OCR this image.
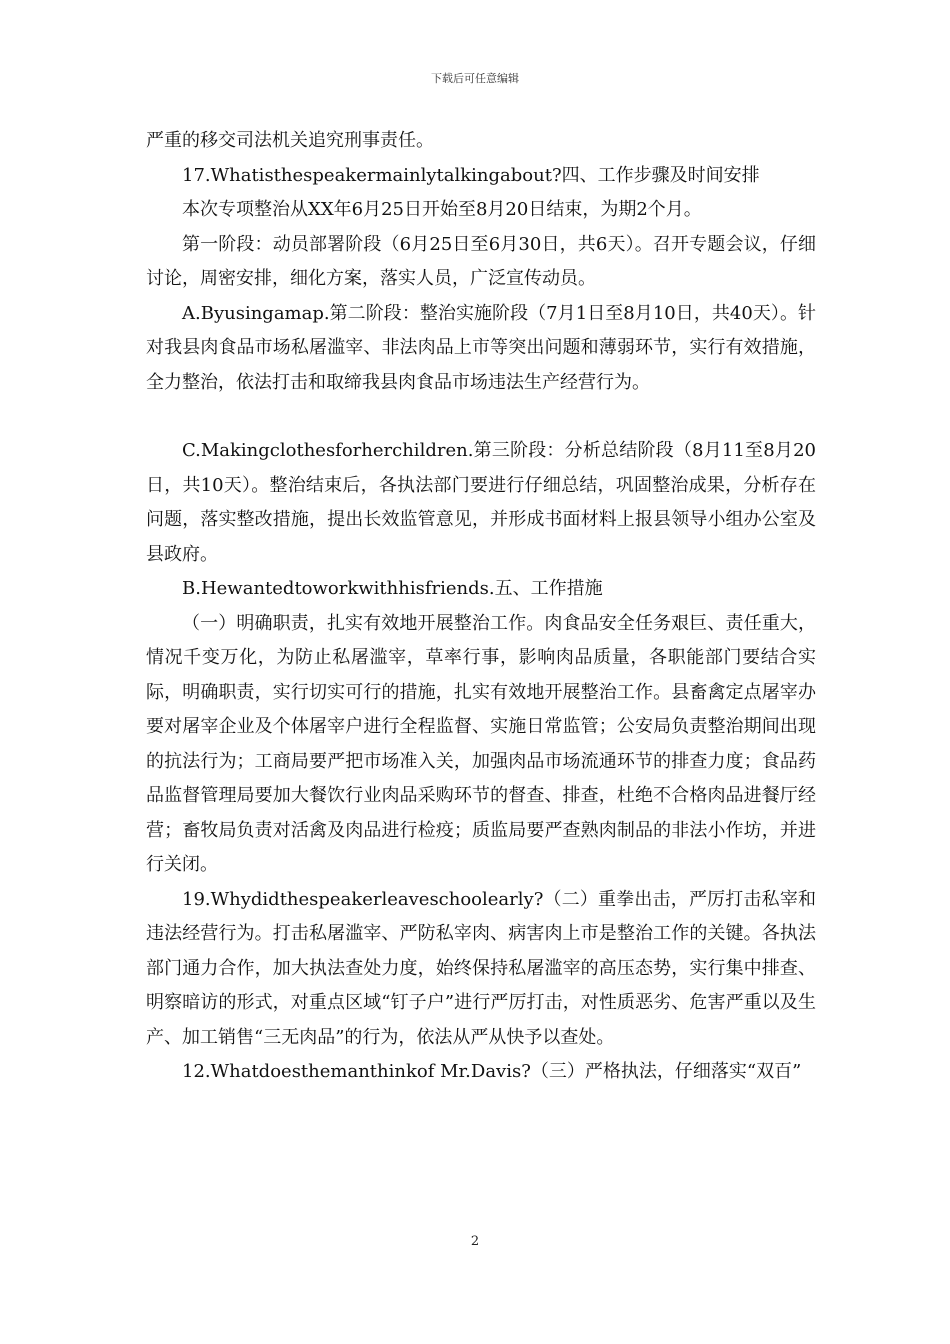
下载后可任意编辑

严重的移交司法机关追究刑事责任。

17.Whatisthespeakermainlytalkingabout?四、工作步骤及时间安排

本次专项整治从XX年6月25日开始至8月20日结束，为期2个月。

第一阶段：动员部署阶段（6月25日至6月30日，共6天）。召开专题会议，仔细讨论，周密安排，细化方案，落实人员，广泛宣传动员。

A.Byusingamap.第二阶段：整治实施阶段（7月1日至8月10日，共40天）。针对我县肉食品市场私屠滥宰、非法肉品上市等突出问题和薄弱环节，实行有效措施，全力整治，依法打击和取缔我县肉食品市场违法生产经营行为。

C.Makingclothesforherchildren.第三阶段：分析总结阶段（8月11至8月20日，共10天）。整治结束后，各执法部门要进行仔细总结，巩固整治成果，分析存在问题，落实整改措施，提出长效监管意见，并形成书面材料上报县领导小组办公室及县政府。

B.Hewantedtoworkwithhisfriends.五、工作措施

（一）明确职责，扎实有效地开展整治工作。肉食品安全任务艰巨、责任重大，情况千变万化，为防止私屠滥宰，草率行事，影响肉品质量，各职能部门要结合实际，明确职责，实行切实可行的措施，扎实有效地开展整治工作。县畜禽定点屠宰办要对屠宰企业及个体屠宰户进行全程监督、实施日常监管；公安局负责整治期间出现的抗法行为；工商局要严把市场准入关，加强肉品市场流通环节的排查力度；食品药品监督管理局要加大餐饮行业肉品采购环节的督查、排查，杜绝不合格肉品进餐厅经营；畜牧局负责对活禽及肉品进行检疫；质监局要严查熟肉制品的非法小作坊，并进行关闭。

19.Whydidthespeakerleaveschoolearly?（二）重拳出击，严厉打击私宰和违法经营行为。打击私屠滥宰、严防私宰肉、病害肉上市是整治工作的关键。各执法部门通力合作，加大执法查处力度，始终保持私屠滥宰的高压态势，实行集中排查、明察暗访的形式，对重点区域“钉子户”进行严厉打击，对性质恶劣、危害严重以及生产、加工销售“三无肉品”的行为，依法从严从快予以查处。

12.Whatdoesthemanthinkof Mr.Davis?（三）严格执法，仔细落实“双百”

2
